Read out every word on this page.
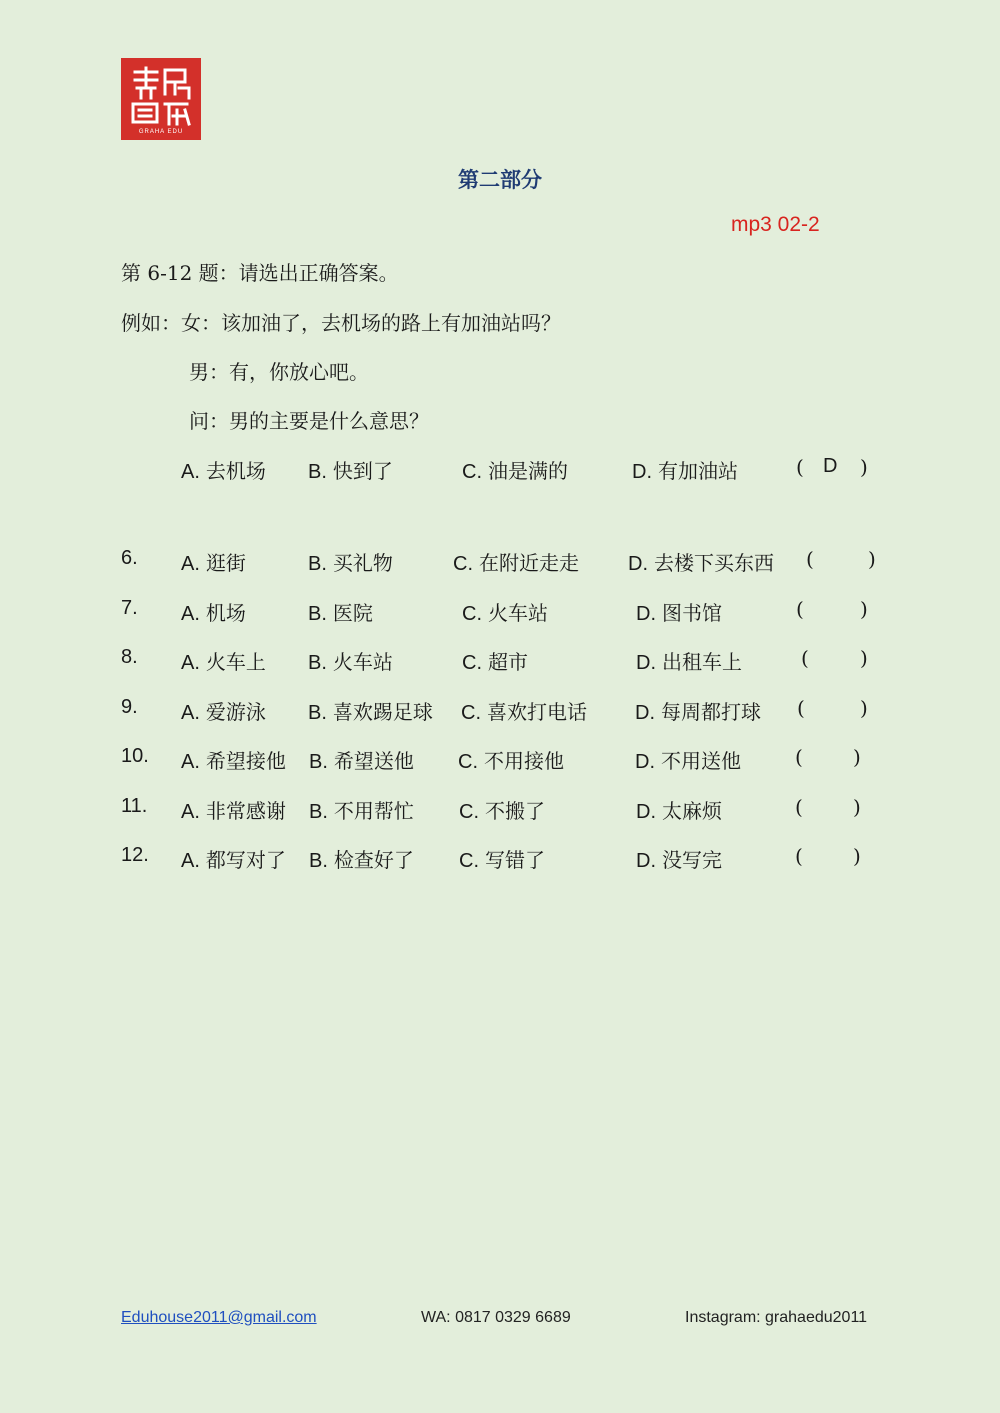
GRAHA EDU
第二部分
mp3 02-2
第 6-12 题：请选出正确答案。
例如：女：该加油了，去机场的路上有加油站吗？
男：有，你放心吧。
问：男的主要是什么意思？
A. 去机场 B. 快到了	C. 油是满的	D. 有加油站	( D )
6. A. 逛街	B. 买礼物	C. 在附近走走 D. 去楼下买东西 (	)
7. A. 机场	B. 医院	C. 火车站	D. 图书馆	(	)
8. A. 火车上 B. 火车站	C. 超市	D. 出租车上	(	)
9. A. 爱游泳 B. 喜欢踢足球 C. 喜欢打电话 D. 每周都打球 (	)
10. A. 希望接他 B. 希望送他 C. 不用接他	D. 不用送他	(	)
11. A. 非常感谢 B. 不用帮忙 C. 不搬了	D. 太麻烦	(	)
12. A. 都写对了 B. 检查好了 C. 写错了	D. 没写完	(	)
Eduhouse2011@gmail.com	WA: 0817 0329 6689	Instagram: grahaedu2011
